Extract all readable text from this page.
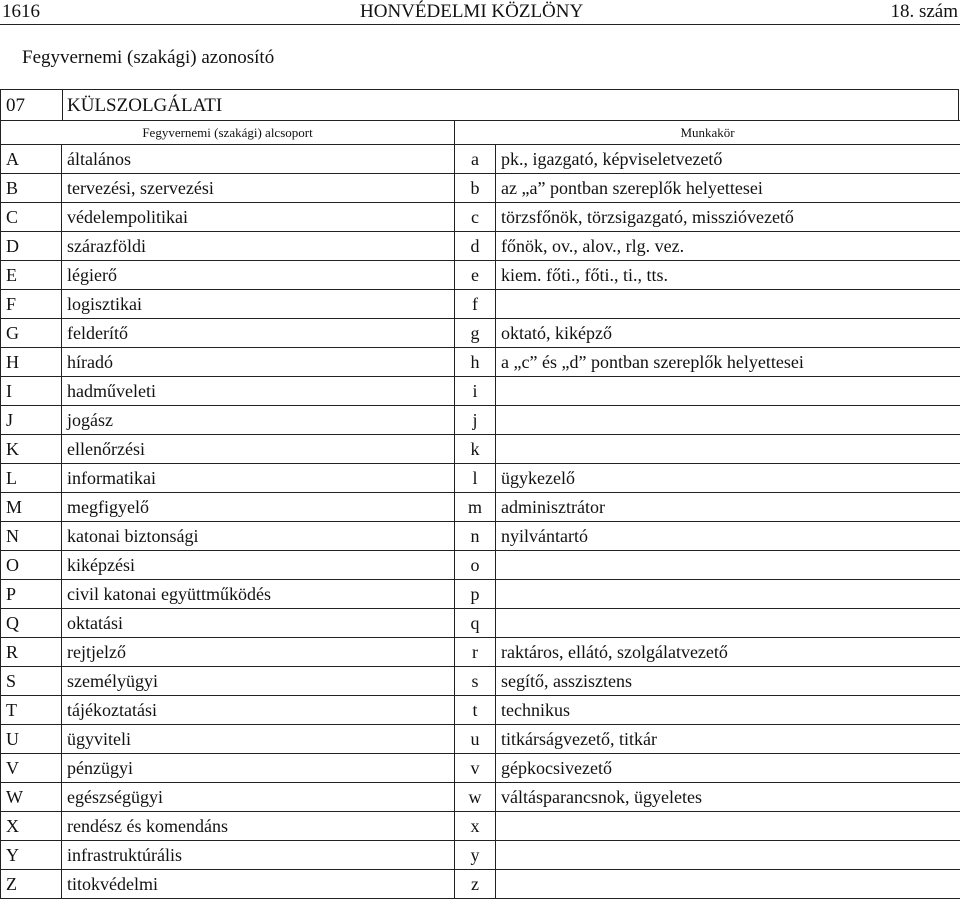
1616	HONVÉDELMI KÖZLÖNY	18. szám
Fegyvernemi (szakági) azonosító
07 KÜLSZOLGÁLATI
Fegyvernemi (szakági) alcsoport		Munkakör	
A	általános	a	pk., igazgató, képviseletvezető
B	tervezési, szervezési	b	az „a” pontban szereplők helyettesei
C	védelempolitikai	c	törzsfőnök, törzsigazgató, misszióvezető
D	szárazföldi	d	főnök, ov., alov., rlg. vez.
E	légierő	e	kiem. főti., főti., ti., tts.
F	logisztikai	f	
G	felderítő	g	oktató, kiképző
H	híradó	h	a „c” és „d” pontban szereplők helyettesei
I	hadműveleti	i	
J	jogász	j	
K	ellenőrzési	k	
L	informatikai	l	ügykezelő
M	megfigyelő	m	adminisztrátor
N	katonai biztonsági	n	nyilvántartó
O	kiképzési	o	
P	civil katonai együttműködés	p	
Q	oktatási	q	
R	rejtjelző	r	raktáros, ellátó, szolgálatvezető
S	személyügyi	s	segítő, asszisztens
T	tájékoztatási	t	technikus
U	ügyviteli	u	titkárságvezető, titkár
V	pénzügyi	v	gépkocsivezető
W	egészségügyi	w	váltásparancsnok, ügyeletes
X	rendész és komendáns	x	
Y	infrastruktúrális	y	
Z	titokvédelmi	z	
